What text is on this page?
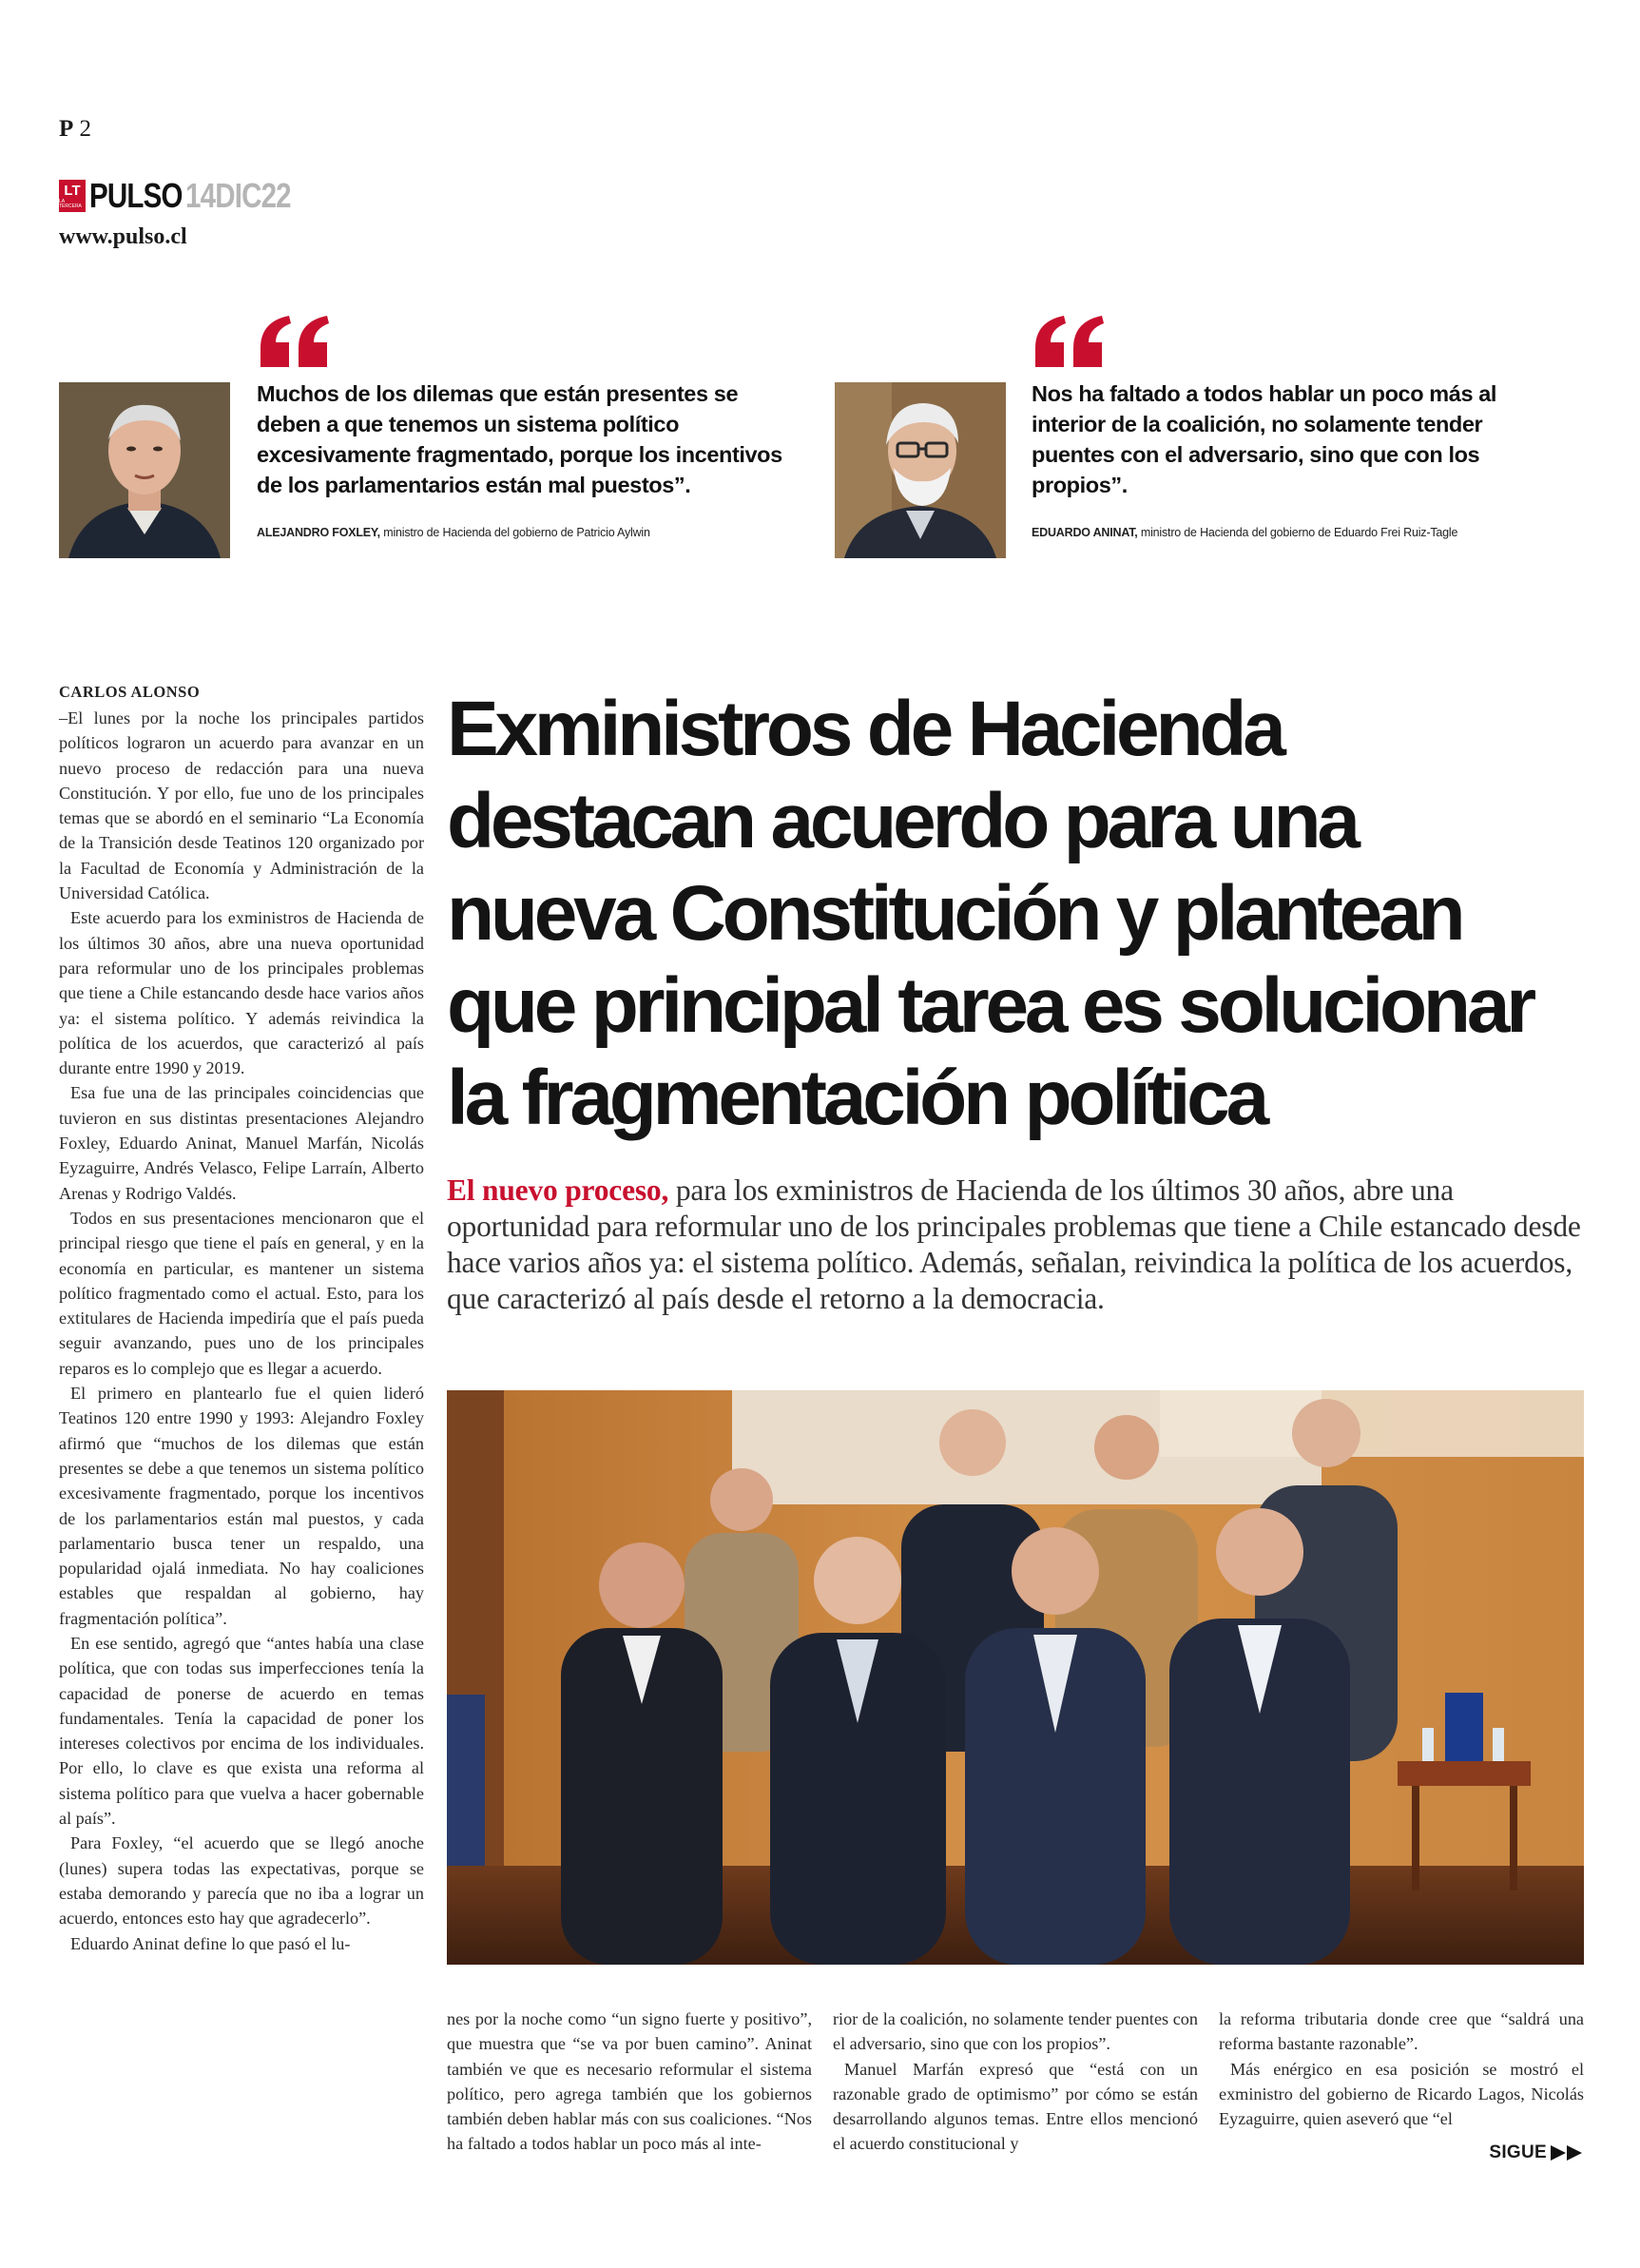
P 2
LT
LA TERCERA PULSO 14DIC22
www.pulso.cl
Muchos de los dilemas que están presentes se deben a que tenemos un sistema político excesivamente fragmentado, porque los incentivos de los parlamentarios están mal puestos”.
ALEJANDRO FOXLEY, ministro de Hacienda del gobierno de Patricio Aylwin
Nos ha faltado a todos hablar un poco más al interior de la coalición, no solamente tender puentes con el adversario, sino que con los propios”.
EDUARDO ANINAT, ministro de Hacienda del gobierno de Eduardo Frei Ruiz-Tagle
CARLOS ALONSO

–El lunes por la noche los principales partidos políticos lograron un acuerdo para avanzar en un nuevo proceso de redacción para una nueva Constitución. Y por ello, fue uno de los principales temas que se abordó en el seminario “La Economía de la Transición desde Teatinos 120 organizado por la Facultad de Economía y Administración de la Universidad Católica.

Este acuerdo para los exministros de Hacienda de los últimos 30 años, abre una nueva oportunidad para reformular uno de los principales problemas que tiene a Chile estancando desde hace varios años ya: el sistema político. Y además reivindica la política de los acuerdos, que caracterizó al país durante entre 1990 y 2019.

Esa fue una de las principales coincidencias que tuvieron en sus distintas presentaciones Alejandro Foxley, Eduardo Aninat, Manuel Marfán, Nicolás Eyzaguirre, Andrés Velasco, Felipe Larraín, Alberto Arenas y Rodrigo Valdés.

Todos en sus presentaciones mencionaron que el principal riesgo que tiene el país en general, y en la economía en particular, es mantener un sistema político fragmentado como el actual. Esto, para los extitulares de Hacienda impediría que el país pueda seguir avanzando, pues uno de los principales reparos es lo complejo que es llegar a acuerdo.

El primero en plantearlo fue el quien lideró Teatinos 120 entre 1990 y 1993: Alejandro Foxley afirmó que “muchos de los dilemas que están presentes se debe a que tenemos un sistema político excesivamente fragmentado, porque los incentivos de los parlamentarios están mal puestos, y cada parlamentario busca tener un respaldo, una popularidad ojalá inmediata. No hay coaliciones estables que respaldan al gobierno, hay fragmentación política”.

En ese sentido, agregó que “antes había una clase política, que con todas sus imperfecciones tenía la capacidad de ponerse de acuerdo en temas fundamentales. Tenía la capacidad de poner los intereses colectivos por encima de los individuales. Por ello, lo clave es que exista una reforma al sistema político para que vuelva a hacer gobernable al país”.

Para Foxley, “el acuerdo que se llegó anoche (lunes) supera todas las expectativas, porque se estaba demorando y parecía que no iba a lograr un acuerdo, entonces esto hay que agradecerlo”.

Eduardo Aninat define lo que pasó el lu-

Exministros de Hacienda destacan acuerdo para una nueva Constitución y plantean que principal tarea es solucionar la fragmentación política
El nuevo proceso, para los exministros de Hacienda de los últimos 30 años, abre una oportunidad para reformular uno de los principales problemas que tiene a Chile estancado desde hace varios años ya: el sistema político. Además, señalan, reivindica la política de los acuerdos, que caracterizó al país desde el retorno a la democracia.

nes por la noche como “un signo fuerte y positivo”, que muestra que “se va por buen camino”. Aninat también ve que es necesario reformular el sistema político, pero agrega también que los gobiernos también deben hablar más con sus coaliciones. “Nos ha faltado a todos hablar un poco más al inte-

rior de la coalición, no solamente tender puentes con el adversario, sino que con los propios”.

Manuel Marfán expresó que “está con un razonable grado de optimismo” por cómo se están desarrollando algunos temas. Entre ellos mencionó el acuerdo constitucional y

la reforma tributaria donde cree que “saldrá una reforma bastante razonable”.

Más enérgico en esa posición se mostró el exministro del gobierno de Ricardo Lagos, Nicolás Eyzaguirre, quien aseveró que “el

SIGUE
